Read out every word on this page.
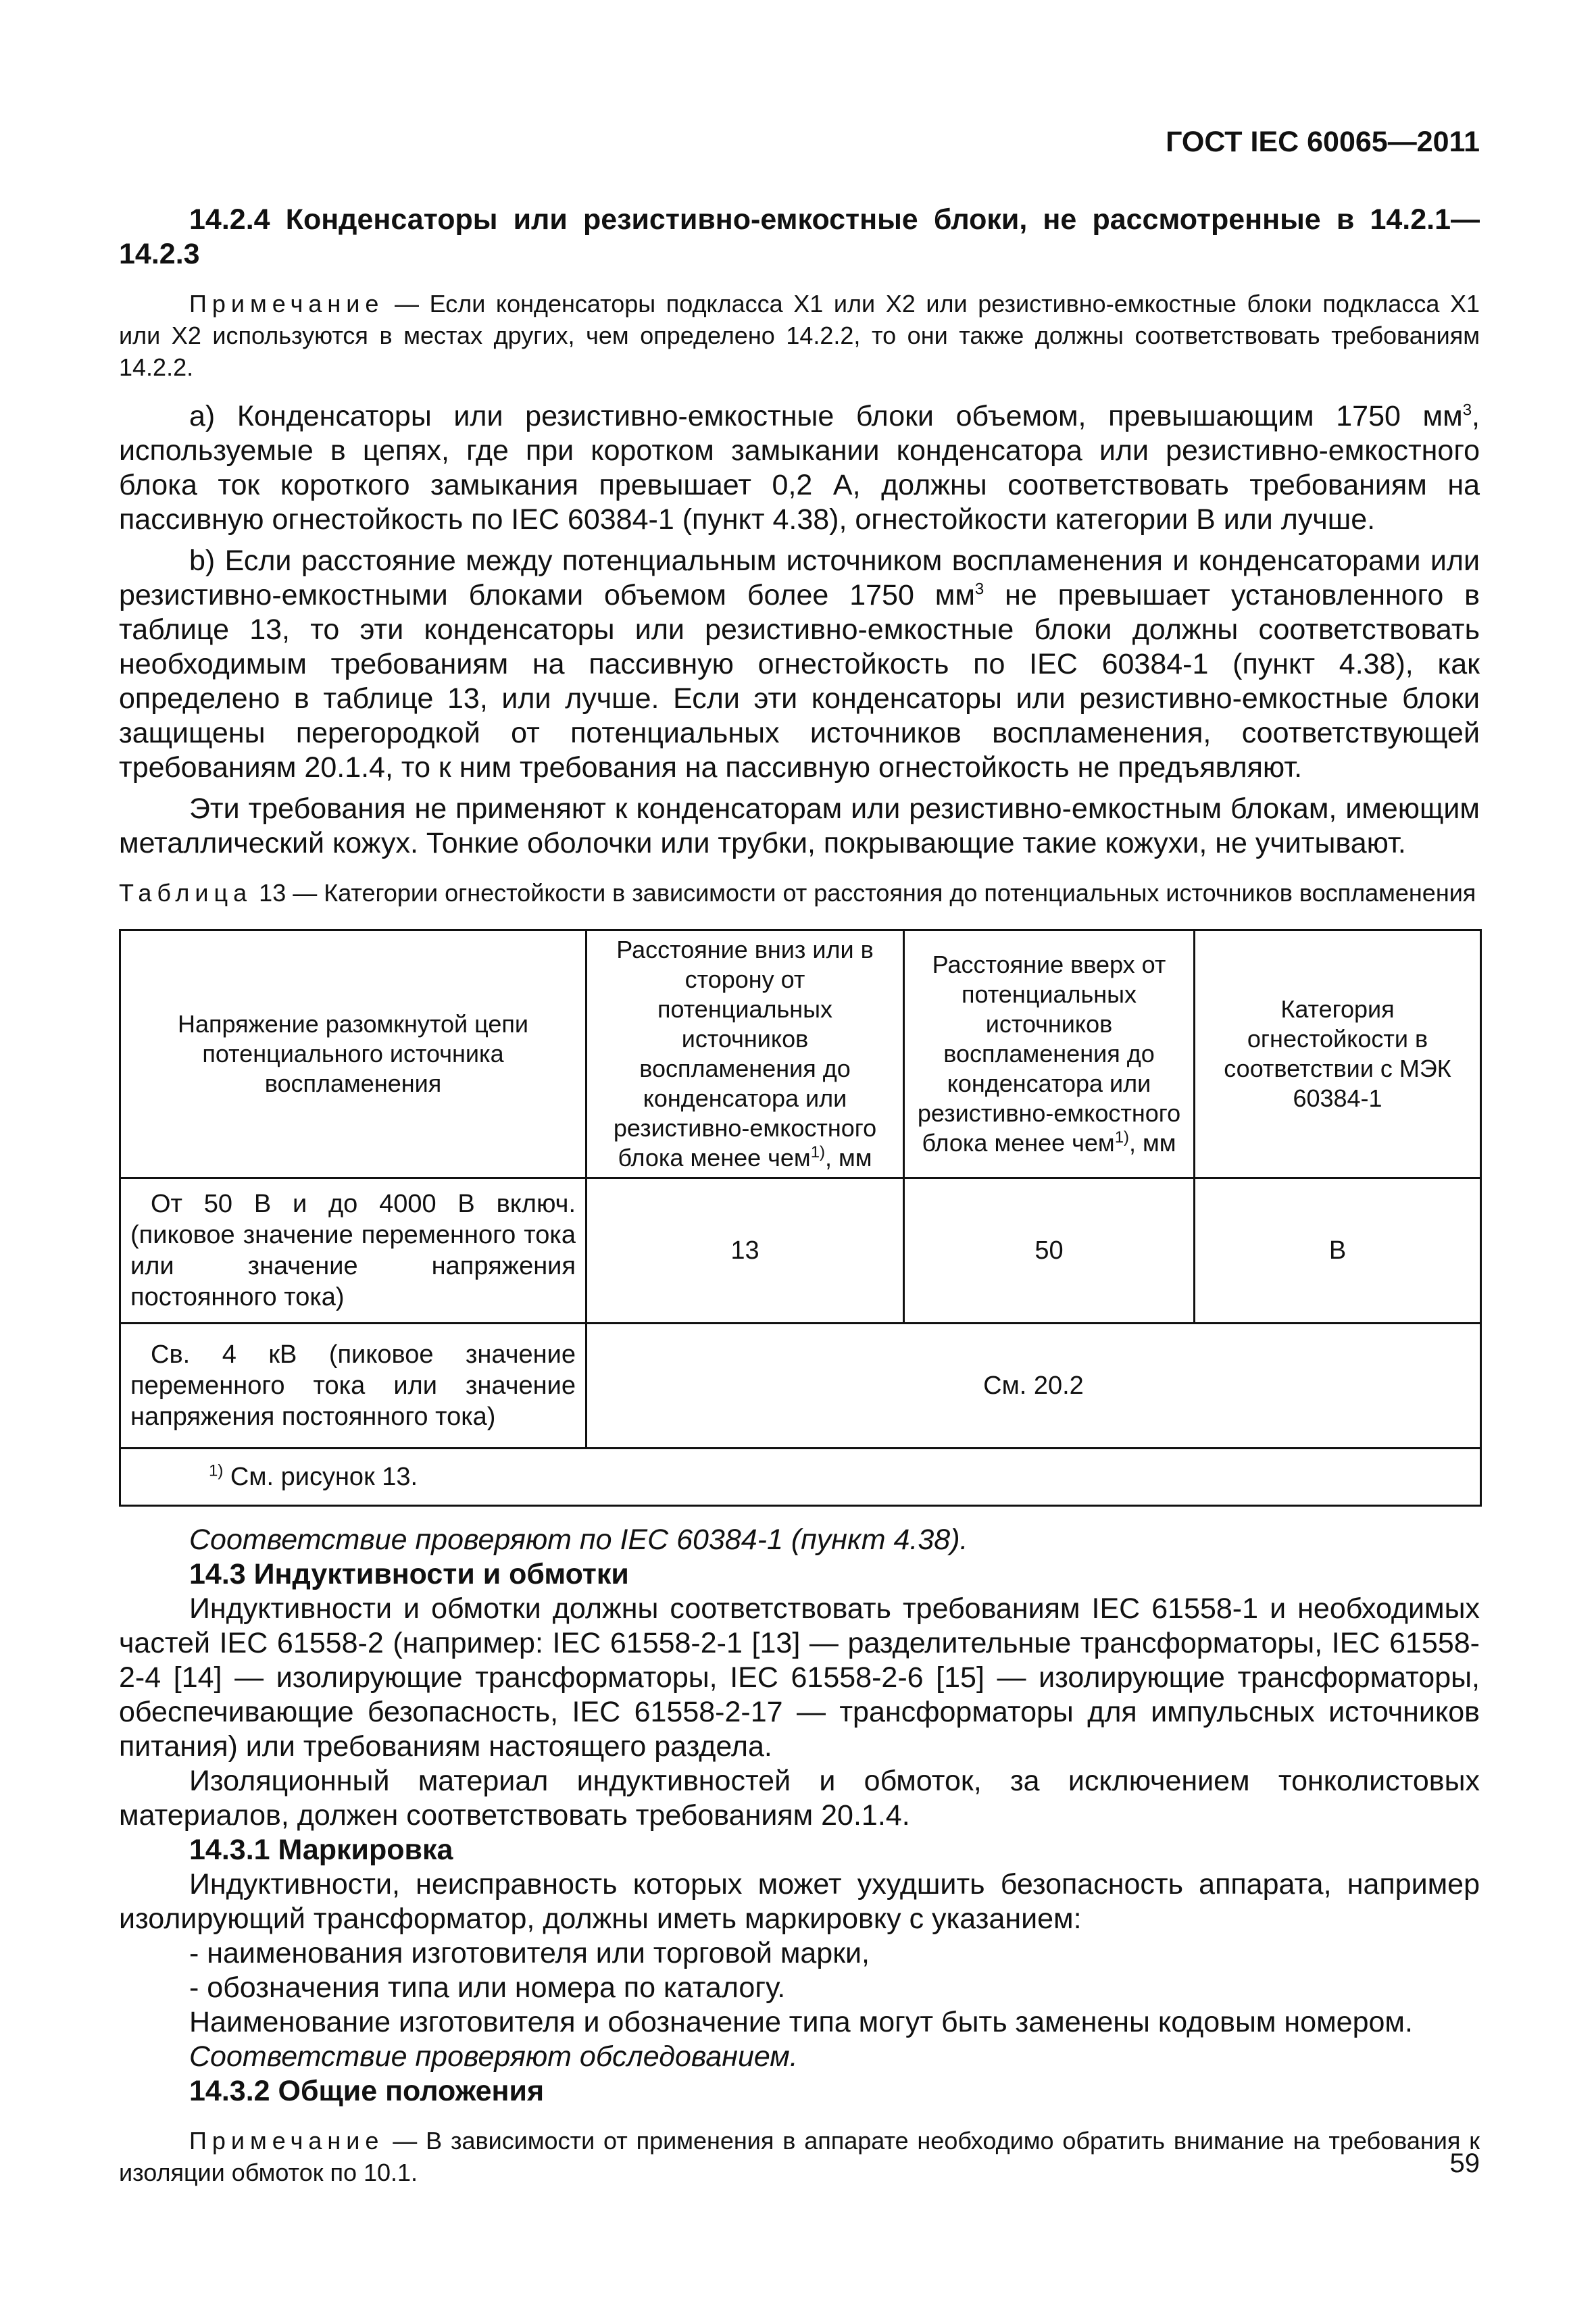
ГОСТ IEC 60065—2011

14.2.4 Конденсаторы или резистивно-емкостные блоки, не рассмотренные в 14.2.1—14.2.3

Примечание — Если конденсаторы подкласса X1 или X2 или резистивно-емкостные блоки подкласса X1 или X2 используются в местах других, чем определено 14.2.2, то они также должны соответствовать требованиям 14.2.2.

a) Конденсаторы или резистивно-емкостные блоки объемом, превышающим 1750 $мм^3$, используемые в цепях, где при коротком замыкании конденсатора или резистивно-емкостного блока ток короткого замыкания превышает 0,2 А, должны соответствовать требованиям на пассивную огнестойкость по IEC 60384-1 (пункт 4.38), огнестойкости категории В или лучше.

b) Если расстояние между потенциальным источником воспламенения и конденсаторами или резистивно-емкостными блоками объемом более 1750 $мм^3$ не превышает установленного в таблице 13, то эти конденсаторы или резистивно-емкостные блоки должны соответствовать необходимым требованиям на пассивную огнестойкость по IEC 60384-1 (пункт 4.38), как определено в таблице 13, или лучше. Если эти конденсаторы или резистивно-емкостные блоки защищены перегородкой от потенциальных источников воспламенения, соответствующей требованиям 20.1.4, то к ним требования на пассивную огнестойкость не предъявляют.

Эти требования не применяют к конденсаторам или резистивно-емкостным блокам, имеющим металлический кожух. Тонкие оболочки или трубки, покрывающие такие кожухи, не учитывают.

Таблица 13 — Категории огнестойкости в зависимости от расстояния до потенциальных источников воспламенения

Напряжение разомкнутой цепи потенциального источника воспламенения	Расстояние вниз или в сторону от потенциальных источников воспламенения до конденсатора или резистивно-емкостного блока менее чем$^{1)}$, мм	Расстояние вверх от потенциальных источников воспламенения до конденсатора или резистивно-емкостного блока менее чем$^{1)}$, мм	Категория огнестойкости в соответствии с МЭК 60384-1
От 50 В и до 4000 В включ. (пиковое значение переменного тока или значение напряжения постоянного тока)	13	50	B
Св. 4 кВ (пиковое значение переменного тока или значение напряжения постоянного тока)	См. 20.2		
$^{1)}$ См. рисунок 13.			

Соответствие проверяют по IEC 60384-1 (пункт 4.38).

14.3 Индуктивности и обмотки

Индуктивности и обмотки должны соответствовать требованиям IEC 61558-1 и необходимых частей IEC 61558-2 (например: IEC 61558-2-1 [13] — разделительные трансформаторы, IEC 61558-2-4 [14] — изолирующие трансформаторы, IEC 61558-2-6 [15] — изолирующие трансформаторы, обеспечивающие безопасность, IEC 61558-2-17 — трансформаторы для импульсных источников питания) или требованиям настоящего раздела.

Изоляционный материал индуктивностей и обмоток, за исключением тонколистовых материалов, должен соответствовать требованиям 20.1.4.

14.3.1 Маркировка

Индуктивности, неисправность которых может ухудшить безопасность аппарата, например изолирующий трансформатор, должны иметь маркировку с указанием:

- наименования изготовителя или торговой марки,

- обозначения типа или номера по каталогу.

Наименование изготовителя и обозначение типа могут быть заменены кодовым номером.

Соответствие проверяют обследованием.

14.3.2 Общие положения

Примечание — В зависимости от применения в аппарате необходимо обратить внимание на требования к изоляции обмоток по 10.1.	59
